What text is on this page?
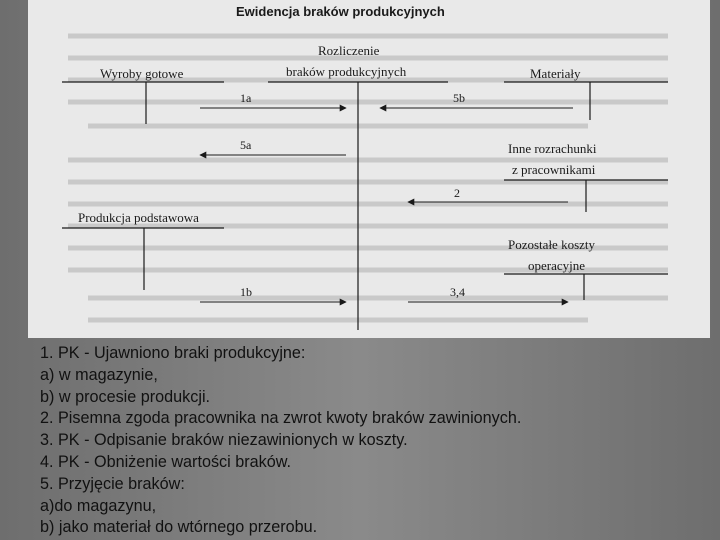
Ewidencja braków produkcyjnych
Wyroby gotowe
Rozliczenie
braków produkcyjnych	Materiały
Inne rozrachunki
z pracownikami
Produkcja podstawowa
Pozostałe koszty
operacyjne
1a	5b
5a
2
1b	3,4
1. PK - Ujawniono braki produkcyjne:
a) w magazynie,
b) w procesie produkcji.
2. Pisemna zgoda pracownika na zwrot kwoty braków zawinionych.
3. PK - Odpisanie braków niezawinionych w koszty.
4. PK - Obniżenie wartości braków.
5. Przyjęcie braków:
a)do magazynu,
b) jako materiał do wtórnego przerobu.
